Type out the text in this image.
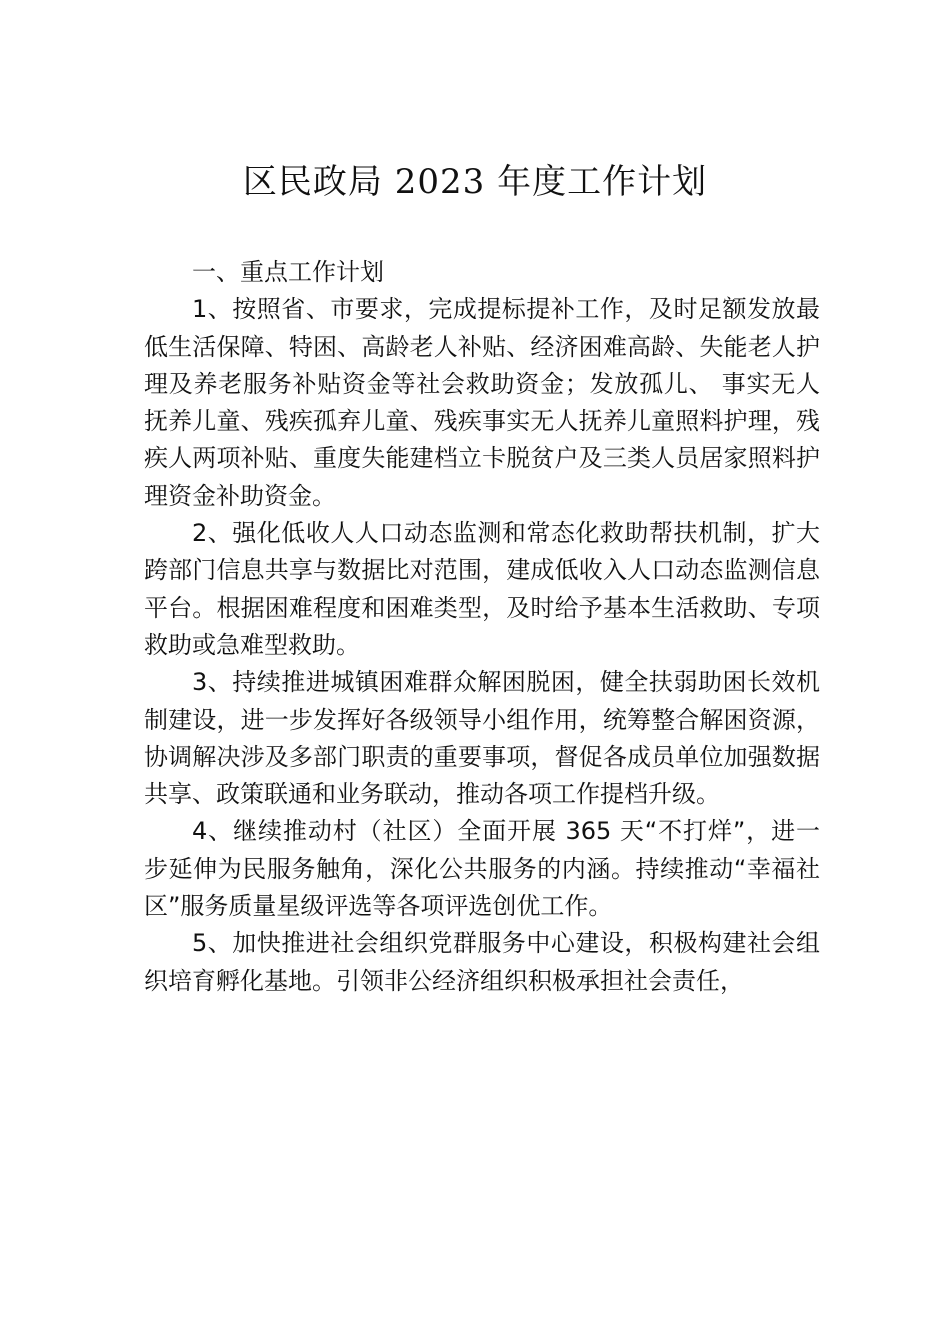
区民政局 2023 年度工作计划
一、重点工作计划

1、按照省、市要求，完成提标提补工作，及时足额发放最低生活保障、特困、高龄老人补贴、经济困难高龄、失能老人护理及养老服务补贴资金等社会救助资金；发放孤儿、 事实无人抚养儿童、残疾孤弃儿童、残疾事实无人抚养儿童照料护理，残疾人两项补贴、重度失能建档立卡脱贫户及三类人员居家照料护理资金补助资金。

2、强化低收人人口动态监测和常态化救助帮扶机制，扩大跨部门信息共享与数据比对范围，建成低收入人口动态监测信息平台。根据困难程度和困难类型，及时给予基本生活救助、专项救助或急难型救助。

3、持续推进城镇困难群众解困脱困，健全扶弱助困长效机制建设，进一步发挥好各级领导小组作用，统筹整合解困资源，协调解决涉及多部门职责的重要事项，督促各成员单位加强数据共享、政策联通和业务联动，推动各项工作提档升级。

4、继续推动村（社区）全面开展 365 天“不打烊”，进一步延伸为民服务触角，深化公共服务的内涵。持续推动“幸福社区”服务质量星级评选等各项评选创优工作。

5、加快推进社会组织党群服务中心建设，积极构建社会组织培育孵化基地。引领非公经济组织积极承担社会责任，
